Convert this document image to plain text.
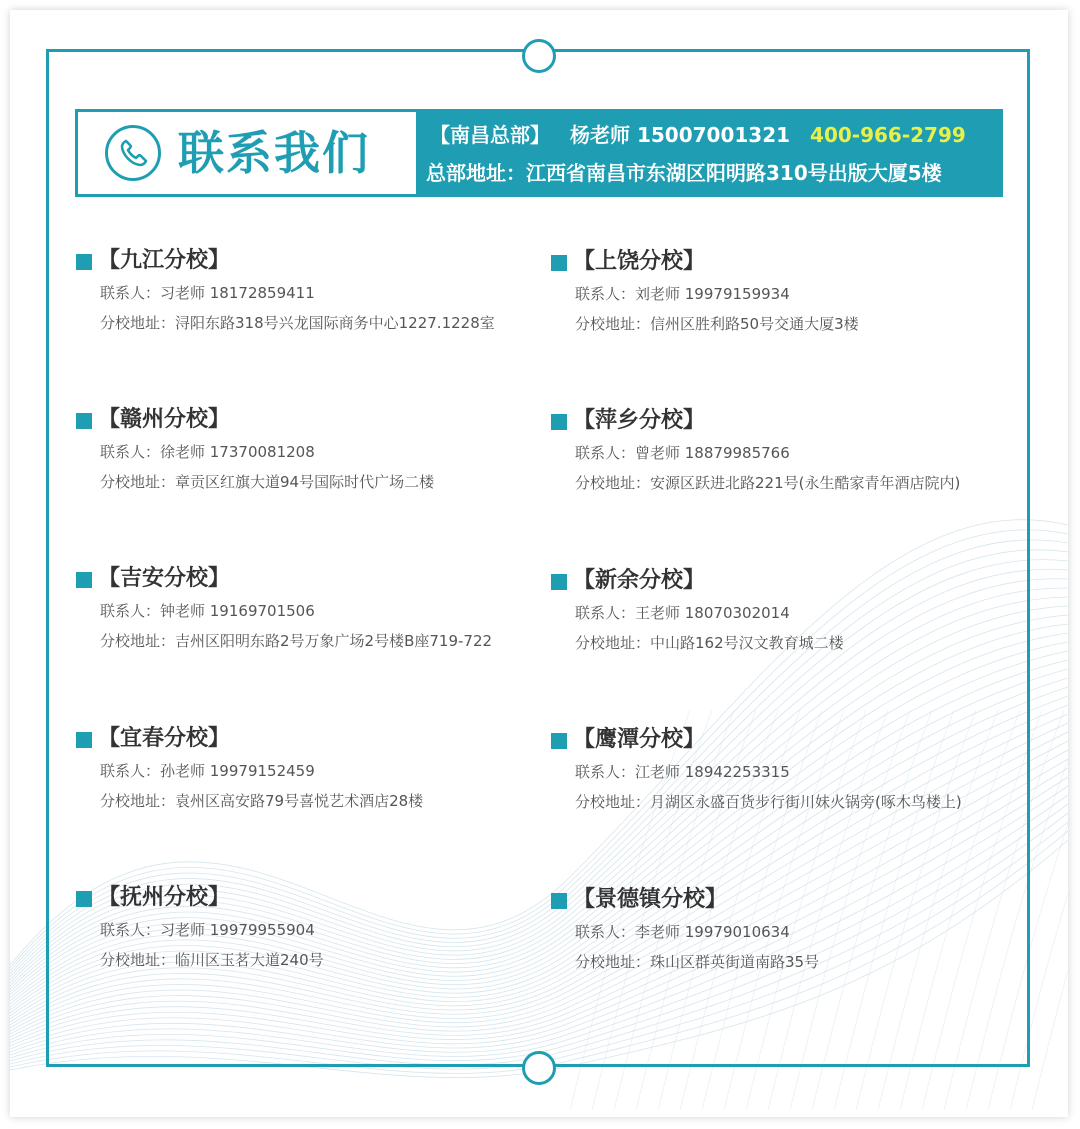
联系我们	【南昌总部】 杨老师 15007001321 400-966-2799
总部地址：江西省南昌市东湖区阳明路310号出版大厦5楼
【九江分校】
联系人：习老师 18172859411
分校地址：浔阳东路318号兴龙国际商务中心1227.1228室
【上饶分校】
联系人：刘老师 19979159934
分校地址：信州区胜利路50号交通大厦3楼
【赣州分校】
联系人：徐老师 17370081208
分校地址：章贡区红旗大道94号国际时代广场二楼
【萍乡分校】
联系人：曾老师 18879985766
分校地址：安源区跃进北路221号(永生酷家青年酒店院内)
【吉安分校】
联系人：钟老师 19169701506
分校地址：吉州区阳明东路2号万象广场2号楼B座719-722
【新余分校】
联系人：王老师 18070302014
分校地址：中山路162号汉文教育城二楼
【宜春分校】
联系人：孙老师 19979152459
分校地址：袁州区高安路79号喜悦艺术酒店28楼
【鹰潭分校】
联系人：江老师 18942253315
分校地址：月湖区永盛百货步行街川妹火锅旁(啄木鸟楼上)
【抚州分校】
联系人：习老师 19979955904
分校地址：临川区玉茗大道240号
【景德镇分校】
联系人：李老师 19979010634
分校地址：珠山区群英街道南路35号
